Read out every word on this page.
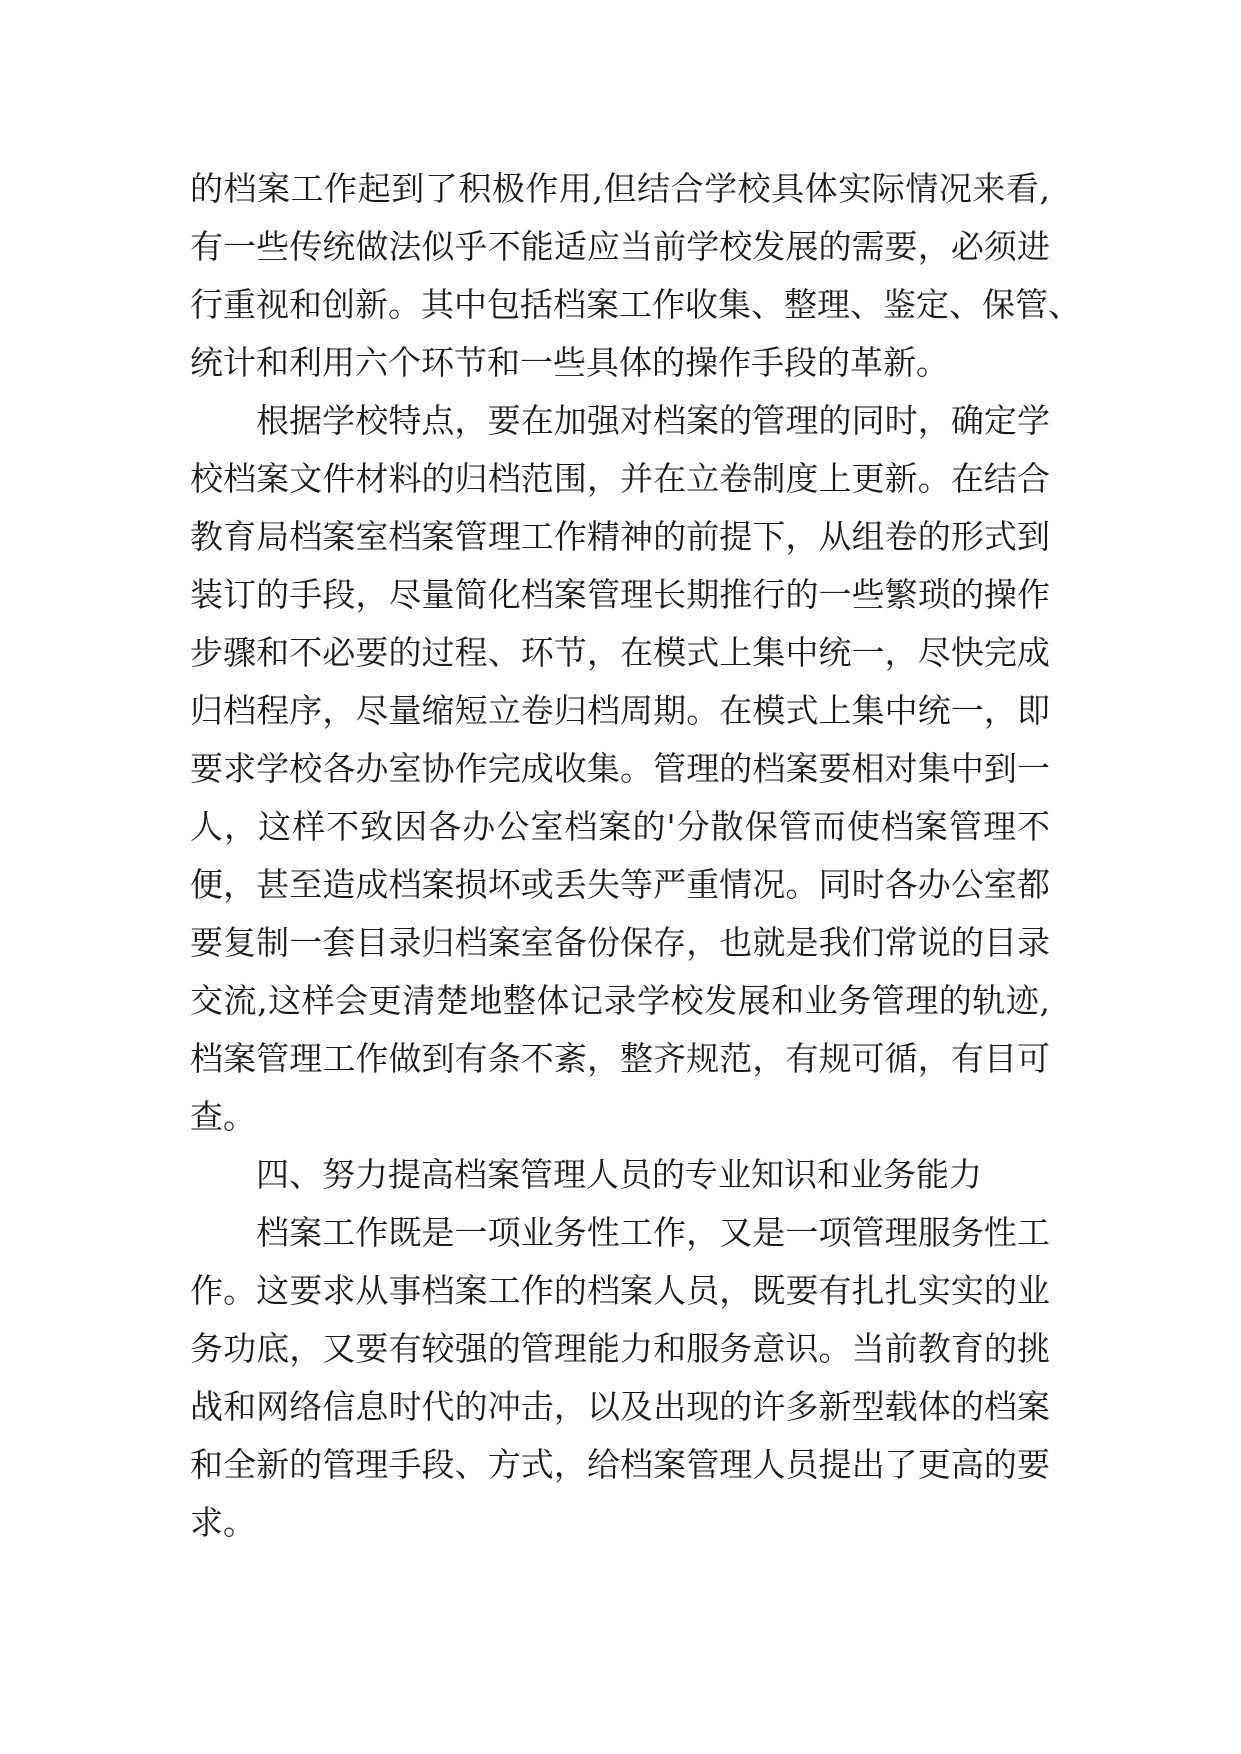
的档案工作起到了积极作用,但结合学校具体实际情况来看,
有一些传统做法似乎不能适应当前学校发展的需要，必须进
行重视和创新。其中包括档案工作收集、整理、鉴定、保管、
统计和利用六个环节和一些具体的操作手段的革新。
根据学校特点，要在加强对档案的管理的同时，确定学
校档案文件材料的归档范围，并在立卷制度上更新。在结合
教育局档案室档案管理工作精神的前提下，从组卷的形式到
装订的手段，尽量简化档案管理长期推行的一些繁琐的操作
步骤和不必要的过程、环节，在模式上集中统一，尽快完成
归档程序，尽量缩短立卷归档周期。在模式上集中统一，即
要求学校各办室协作完成收集。管理的档案要相对集中到一
人，这样不致因各办公室档案的'分散保管而使档案管理不
便，甚至造成档案损坏或丢失等严重情况。同时各办公室都
要复制一套目录归档案室备份保存，也就是我们常说的目录
交流,这样会更清楚地整体记录学校发展和业务管理的轨迹,
档案管理工作做到有条不紊，整齐规范，有规可循，有目可
查。
四、努力提高档案管理人员的专业知识和业务能力
档案工作既是一项业务性工作，又是一项管理服务性工
作。这要求从事档案工作的档案人员，既要有扎扎实实的业
务功底，又要有较强的管理能力和服务意识。当前教育的挑
战和网络信息时代的冲击，以及出现的许多新型载体的档案
和全新的管理手段、方式，给档案管理人员提出了更高的要
求。
